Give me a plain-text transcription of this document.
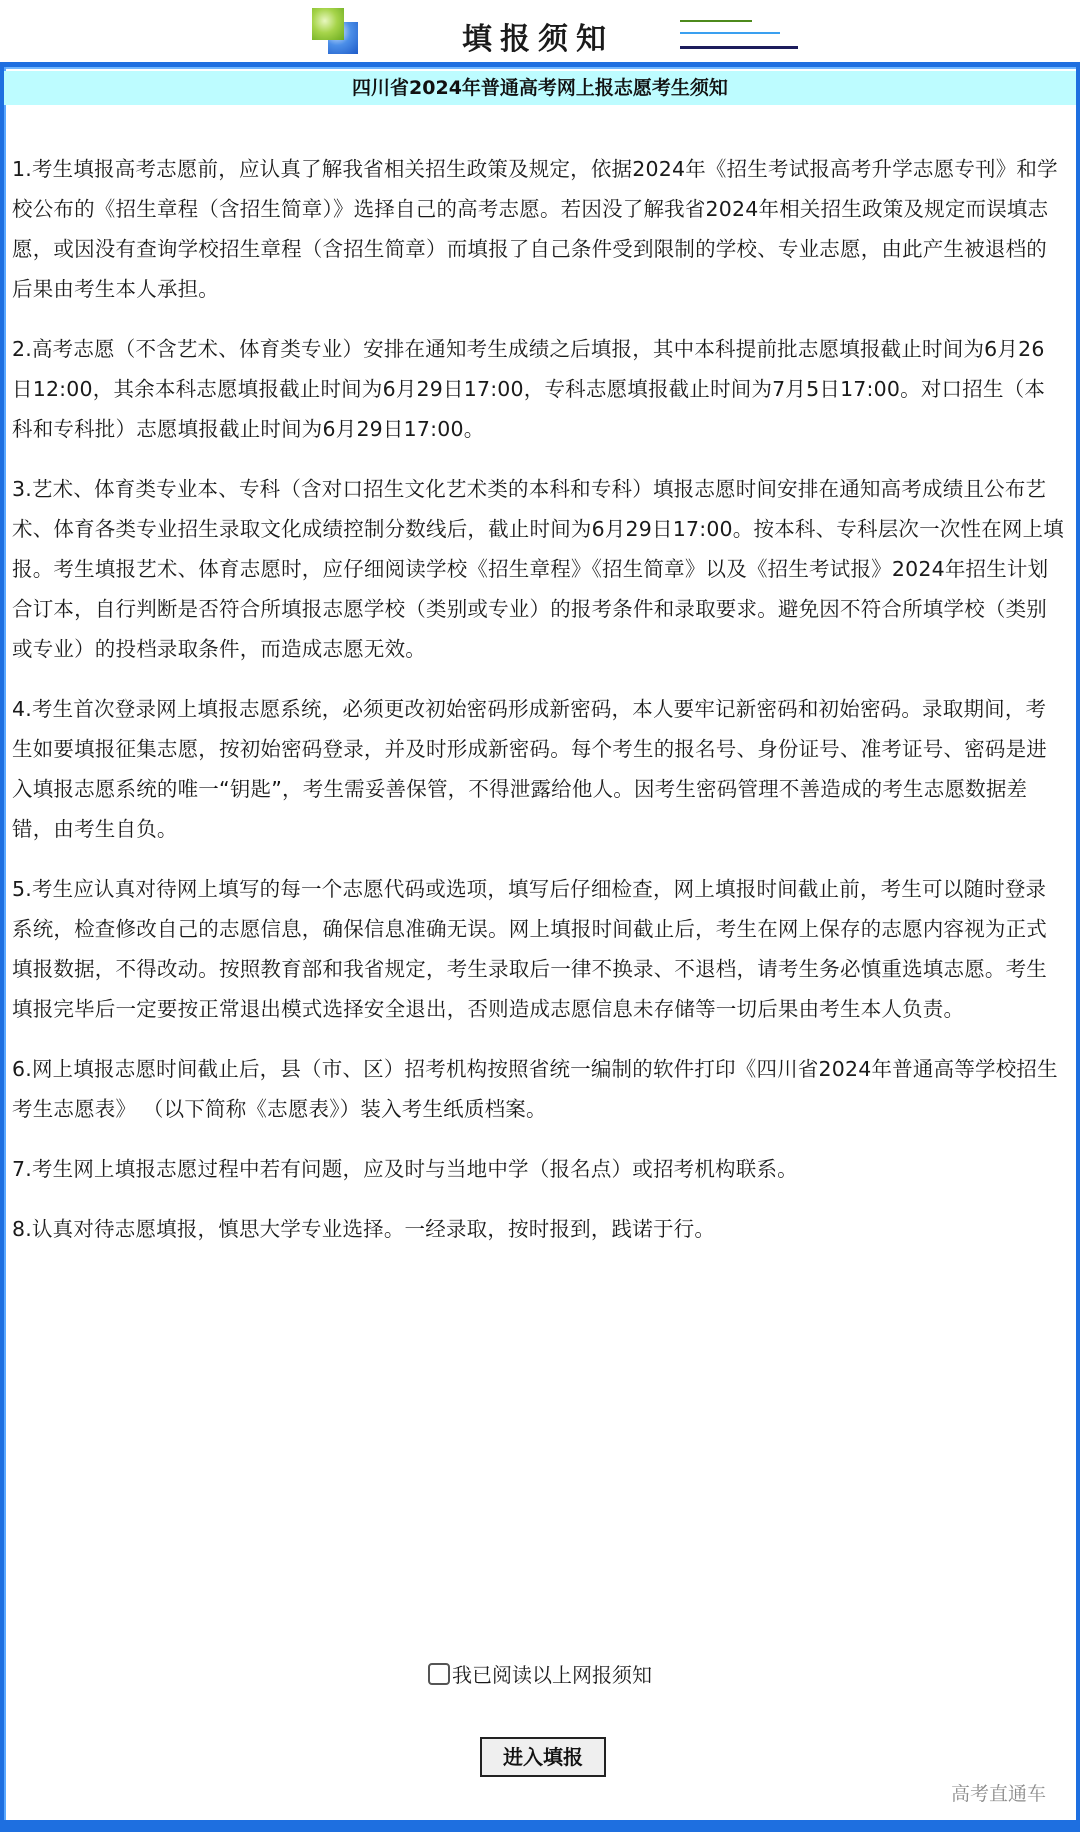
填报须知
四川省2024年普通高考网上报志愿考生须知

1.考生填报高考志愿前，应认真了解我省相关招生政策及规定，依据2024年《招生考试报高考升学志愿专刊》和学校公布的《招生章程（含招生简章）》选择自己的高考志愿。若因没了解我省2024年相关招生政策及规定而误填志愿，或因没有查询学校招生章程（含招生简章）而填报了自己条件受到限制的学校、专业志愿，由此产生被退档的后果由考生本人承担。

2.高考志愿（不含艺术、体育类专业）安排在通知考生成绩之后填报，其中本科提前批志愿填报截止时间为6月26日12:00，其余本科志愿填报截止时间为6月29日17:00，专科志愿填报截止时间为7月5日17:00。对口招生（本科和专科批）志愿填报截止时间为6月29日17:00。

3.艺术、体育类专业本、专科（含对口招生文化艺术类的本科和专科）填报志愿时间安排在通知高考成绩且公布艺术、体育各类专业招生录取文化成绩控制分数线后，截止时间为6月29日17:00。按本科、专科层次一次性在网上填报。考生填报艺术、体育志愿时，应仔细阅读学校《招生章程》《招生简章》以及《招生考试报》2024年招生计划合订本，自行判断是否符合所填报志愿学校（类别或专业）的报考条件和录取要求。避免因不符合所填学校（类别或专业）的投档录取条件，而造成志愿无效。

4.考生首次登录网上填报志愿系统，必须更改初始密码形成新密码，本人要牢记新密码和初始密码。录取期间，考生如要填报征集志愿，按初始密码登录，并及时形成新密码。每个考生的报名号、身份证号、准考证号、密码是进入填报志愿系统的唯一“钥匙”，考生需妥善保管，不得泄露给他人。因考生密码管理不善造成的考生志愿数据差错，由考生自负。

5.考生应认真对待网上填写的每一个志愿代码或选项，填写后仔细检查，网上填报时间截止前，考生可以随时登录系统，检查修改自己的志愿信息，确保信息准确无误。网上填报时间截止后，考生在网上保存的志愿内容视为正式填报数据，不得改动。按照教育部和我省规定，考生录取后一律不换录、不退档，请考生务必慎重选填志愿。考生填报完毕后一定要按正常退出模式选择安全退出，否则造成志愿信息未存储等一切后果由考生本人负责。

6.网上填报志愿时间截止后，县（市、区）招考机构按照省统一编制的软件打印《四川省2024年普通高等学校招生考生志愿表》 （以下简称《志愿表》）装入考生纸质档案。

7.考生网上填报志愿过程中若有问题，应及时与当地中学（报名点）或招考机构联系。

8.认真对待志愿填报，慎思大学专业选择。一经录取，按时报到，践诺于行。

我已阅读以上网报须知
进入填报
高考直通车
